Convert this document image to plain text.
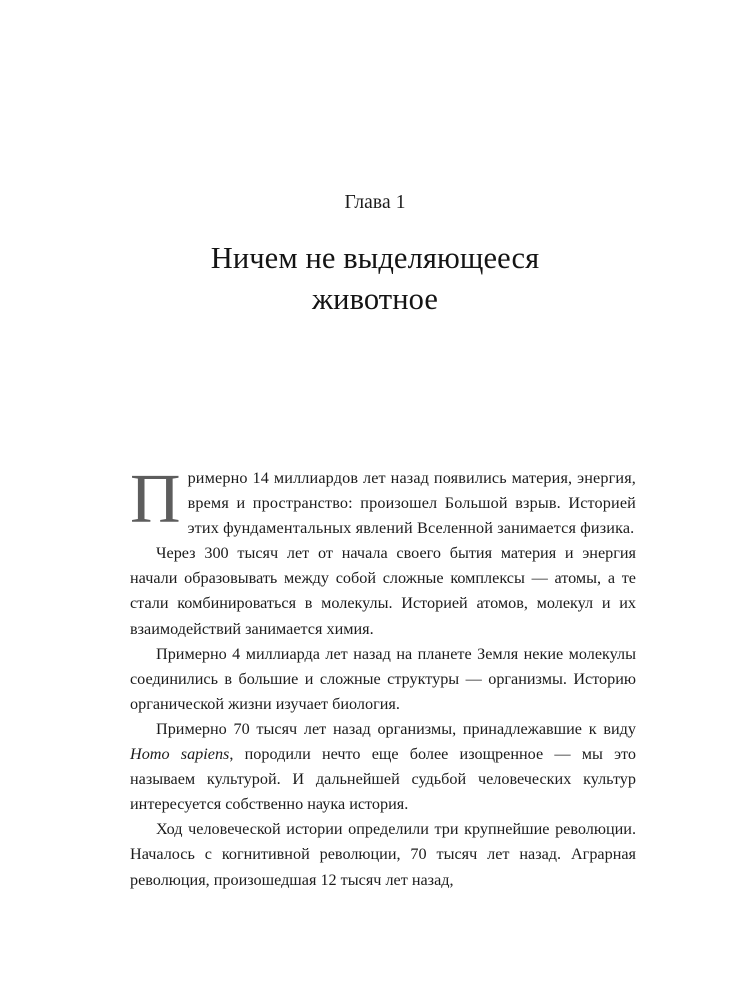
Глава 1
Ничем не выделяющееся
животное

Примерно 14 миллиардов лет назад появились материя, энергия, время и пространство: произошел Большой взрыв. Историей этих фундаментальных явлений Вселенной занимается физика.

Через 300 тысяч лет от начала своего бытия материя и энергия начали образовывать между собой сложные комплексы — атомы, а те стали комбинироваться в молекулы. Историей атомов, молекул и их взаимодействий занимается химия.

Примерно 4 миллиарда лет назад на планете Земля некие молекулы соединились в большие и сложные структуры — организмы. Историю органической жизни изучает биология.

Примерно 70 тысяч лет назад организмы, принадлежавшие к виду Homo sapiens, породили нечто еще более изощренное — мы это называем культурой. И дальнейшей судьбой человеческих культур интересуется собственно наука история.

Ход человеческой истории определили три крупнейшие революции. Началось с когнитивной революции, 70 тысяч лет назад. Аграрная революция, произошедшая 12 тысяч лет назад,
